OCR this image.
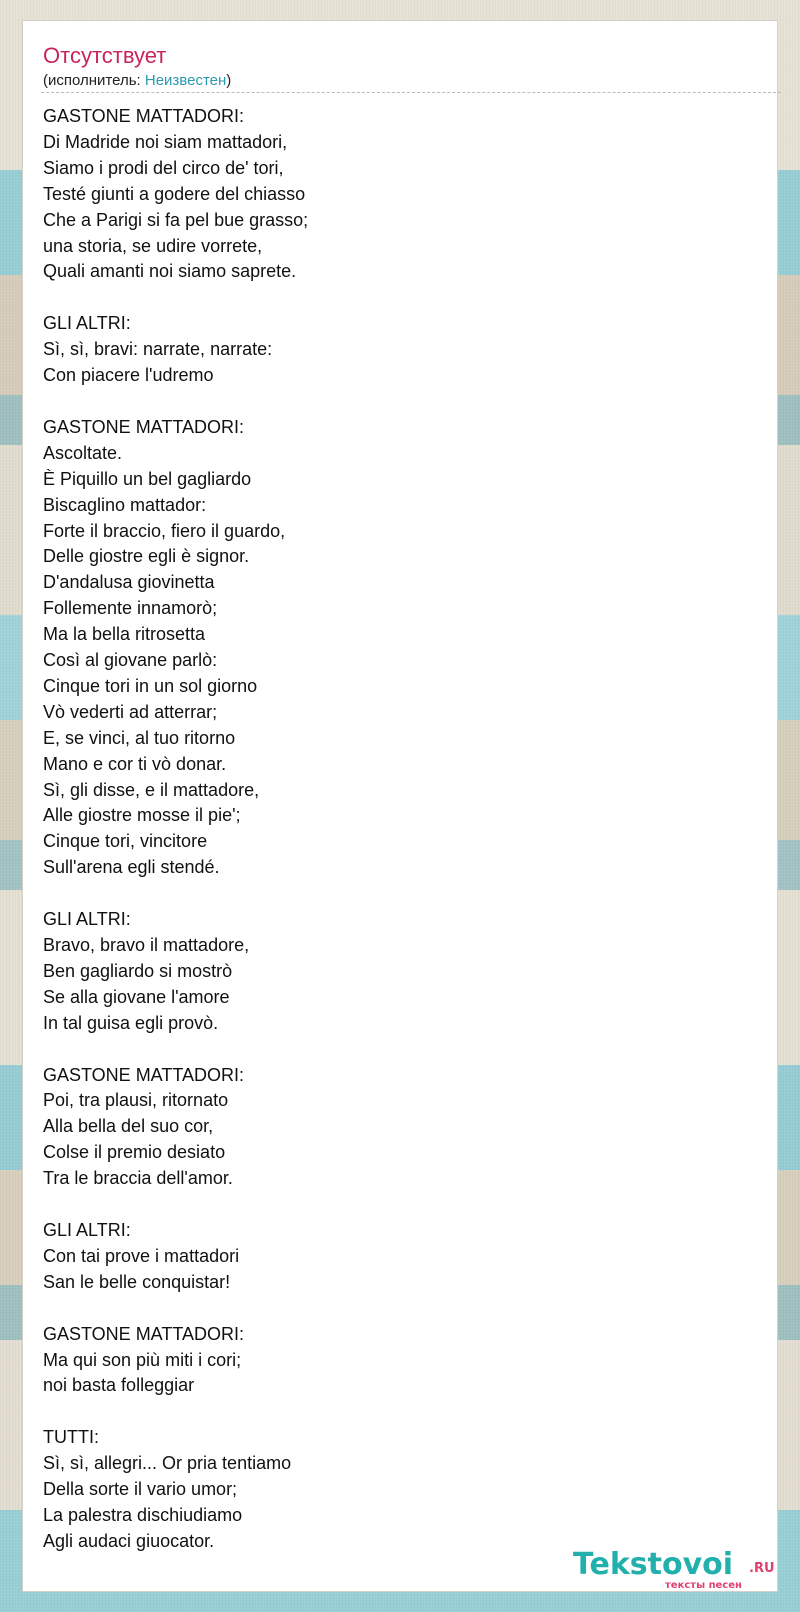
Отсутствует
(исполнитель: Неизвестен)
GASTONE MATTADORI:
Di Madride noi siam mattadori,
Siamo i prodi del circo de' tori,
Testé giunti a godere del chiasso
Che a Parigi si fa pel bue grasso;
una storia, se udire vorrete,
Quali amanti noi siamo saprete.

GLI ALTRI:
Sì, sì, bravi: narrate, narrate:
Con piacere l'udremo

GASTONE MATTADORI:
Ascoltate.
È Piquillo un bel gagliardo
Biscaglino mattador:
Forte il braccio, fiero il guardo,
Delle giostre egli è signor.
D'andalusa giovinetta
Follemente innamorò;
Ma la bella ritrosetta
Così al giovane parlò:
Cinque tori in un sol giorno
Vò vederti ad atterrar;
E, se vinci, al tuo ritorno
Mano e cor ti vò donar.
Sì, gli disse, e il mattadore,
Alle giostre mosse il pie';
Cinque tori, vincitore
Sull'arena egli stendé.

GLI ALTRI:
Bravo, bravo il mattadore,
Ben gagliardo si mostrò
Se alla giovane l'amore
In tal guisa egli provò.

GASTONE MATTADORI:
Poi, tra plausi, ritornato
Alla bella del suo cor,
Colse il premio desiato
Tra le braccia dell'amor.

GLI ALTRI:
Con tai prove i mattadori
San le belle conquistar!

GASTONE MATTADORI:
Ma qui son più miti i cori;
noi basta folleggiar

TUTTI:
Sì, sì, allegri... Or pria tentiamo
Della sorte il vario umor;
La palestra dischiudiamo
Agli audaci giuocator.
Tekstovoi .RU
тексты песен
